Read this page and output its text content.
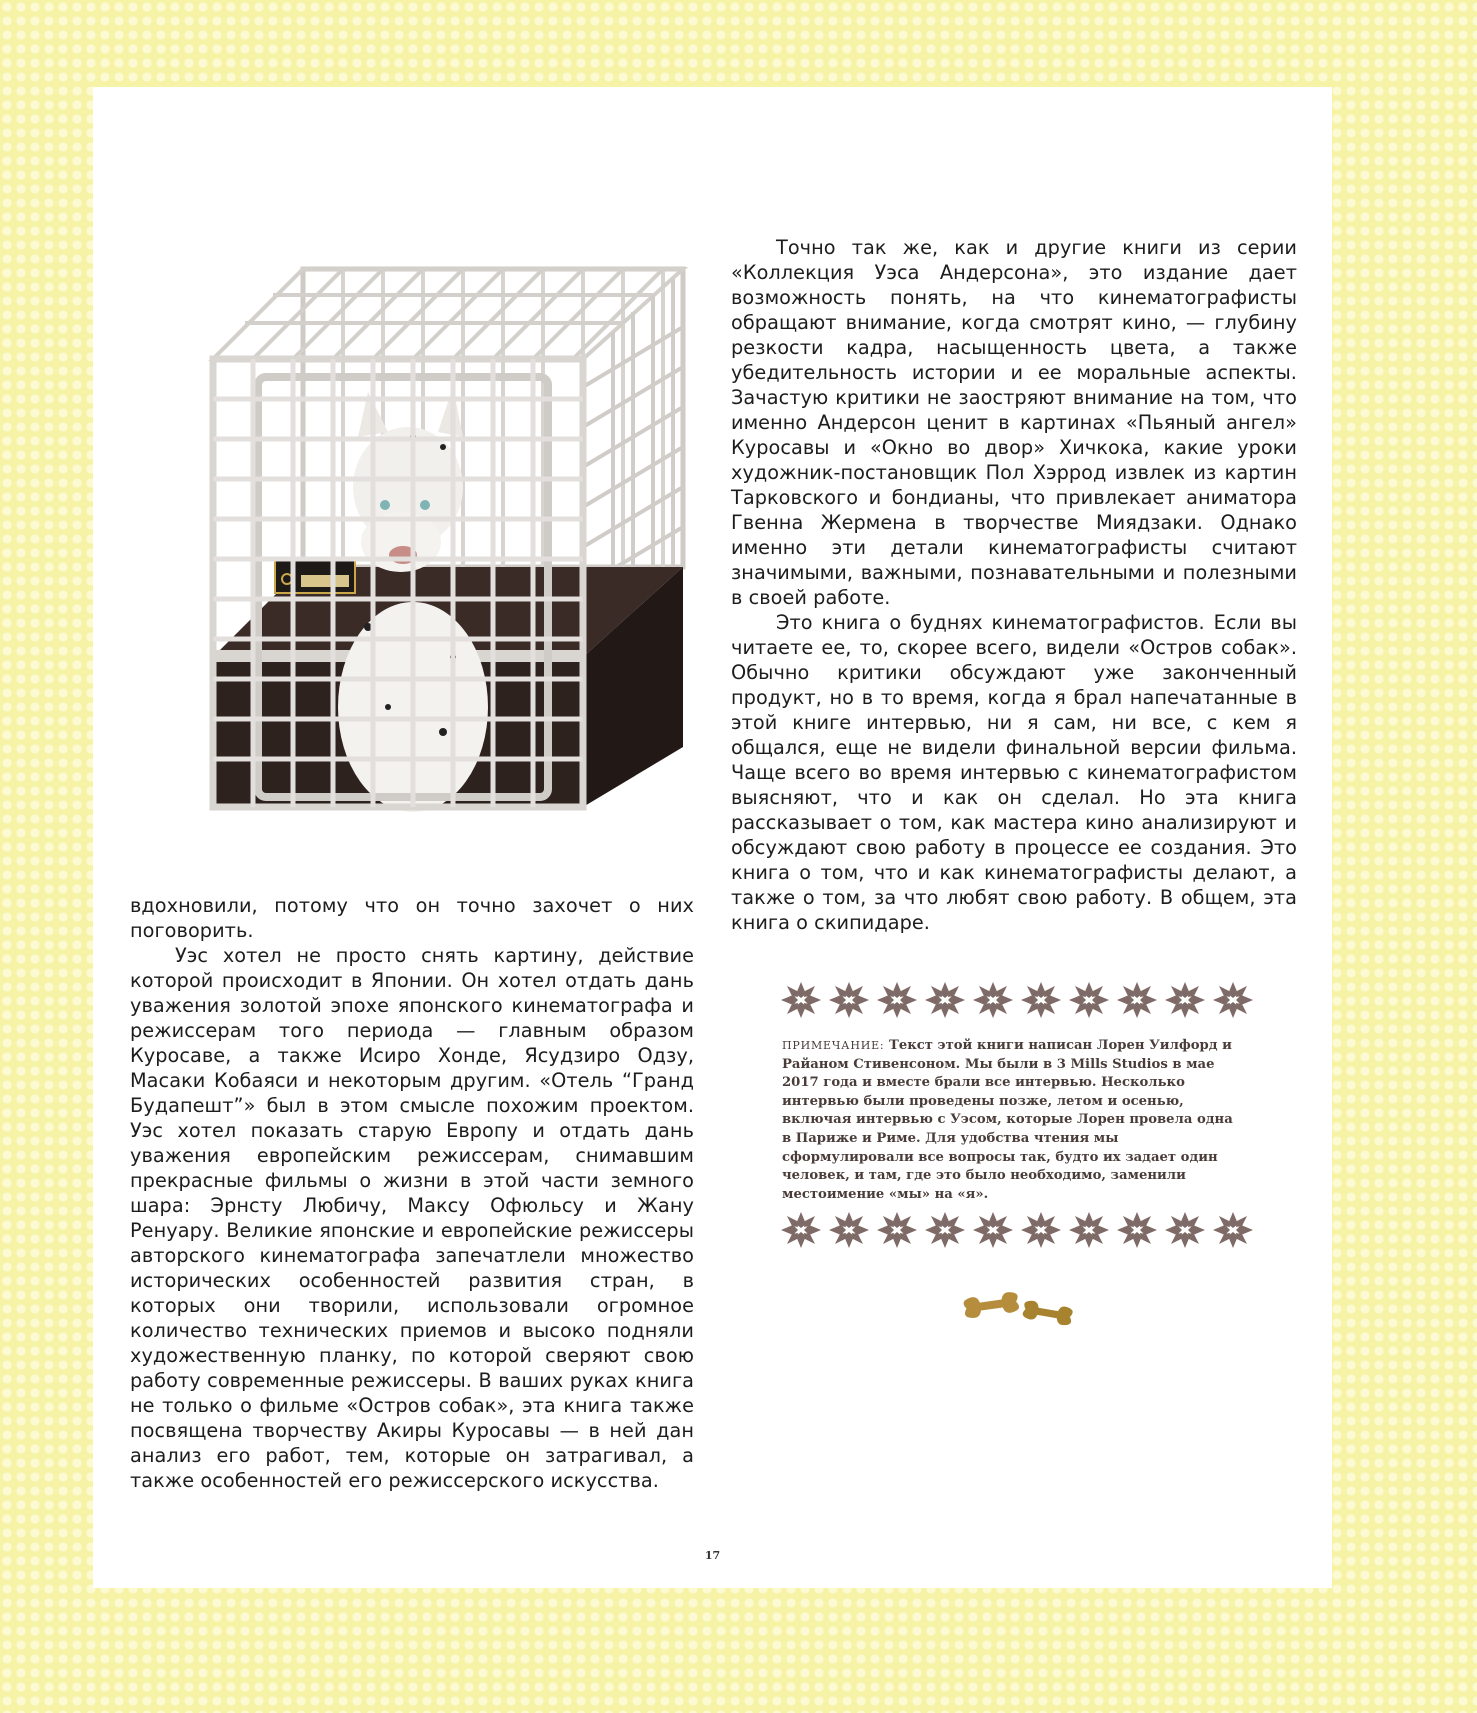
Точно так же, как и другие книги из серии «Коллекция Уэса Андерсона», это издание дает возможность понять, на что кинематографисты обращают внимание, когда смотрят кино, — глубину резкости кадра, насыщенность цвета, а также убедительность истории и ее моральные аспекты. Зачастую критики не заостряют внимание на том, что именно Андерсон ценит в картинах «Пьяный ангел» Куросавы и «Окно во двор» Хичкока, какие уроки художник-постановщик Пол Хэррод извлек из картин Тарковского и бондианы, что привлекает аниматора Гвенна Жермена в творчестве Миядзаки. Однако именно эти детали кинематографисты считают значимыми, важными, познавательными и полезными в своей работе.

Это книга о буднях кинематографистов. Если вы читаете ее, то, скорее всего, видели «Остров собак». Обычно критики обсуждают уже законченный продукт, но в то время, когда я брал напечатанные в этой книге интервью, ни я сам, ни все, с кем я общался, еще не видели финальной версии фильма. Чаще всего во время интервью с кинематографистом выясняют, что и как он сделал. Но эта книга рассказывает о том, как мастера кино анализируют и обсуждают свою работу в процессе ее создания. Это книга о том, что и как кинематографисты делают, а также о том, за что любят свою работу. В общем, эта книга о скипидаре.

вдохновили, потому что он точно захочет о них поговорить.

Уэс хотел не просто снять картину, действие которой происходит в Японии. Он хотел отдать дань уважения золотой эпохе японского кинематографа и режиссерам того периода — главным образом Куросаве, а также Исиро Хонде, Ясудзиро Одзу, Масаки Кобаяси и некоторым другим. «Отель “Гранд Будапешт”» был в этом смысле похожим проектом. Уэс хотел показать старую Европу и отдать дань уважения европейским режиссерам, снимавшим прекрасные фильмы о жизни в этой части земного шара: Эрнсту Любичу, Максу Офюльсу и Жану Ренуару. Великие японские и европейские режиссеры авторского кинематографа запечатлели множество исторических особенностей развития стран, в которых они творили, использовали огромное количество технических приемов и высоко подняли художественную планку, по которой сверяют свою работу современные режиссеры. В ваших руках книга не только о фильме «Остров собак», эта книга также посвящена творчеству Акиры Куросавы — в ней дан анализ его работ, тем, которые он затрагивал, а также особенностей его режиссерского искусства.

ПРИМЕЧАНИЕ: Текст этой книги написан Лорен Уилфорд и Райаном Стивенсоном. Мы были в 3 Mills Studios в мае 2017 года и вместе брали все интервью. Несколько интервью были проведены позже, летом и осенью, включая интервью с Уэсом, которые Лорен провела одна в Париже и Риме. Для удобства чтения мы сформулировали все вопросы так, будто их задает один человек, и там, где это было необходимо, заменили местоимение «мы» на «я».

17
